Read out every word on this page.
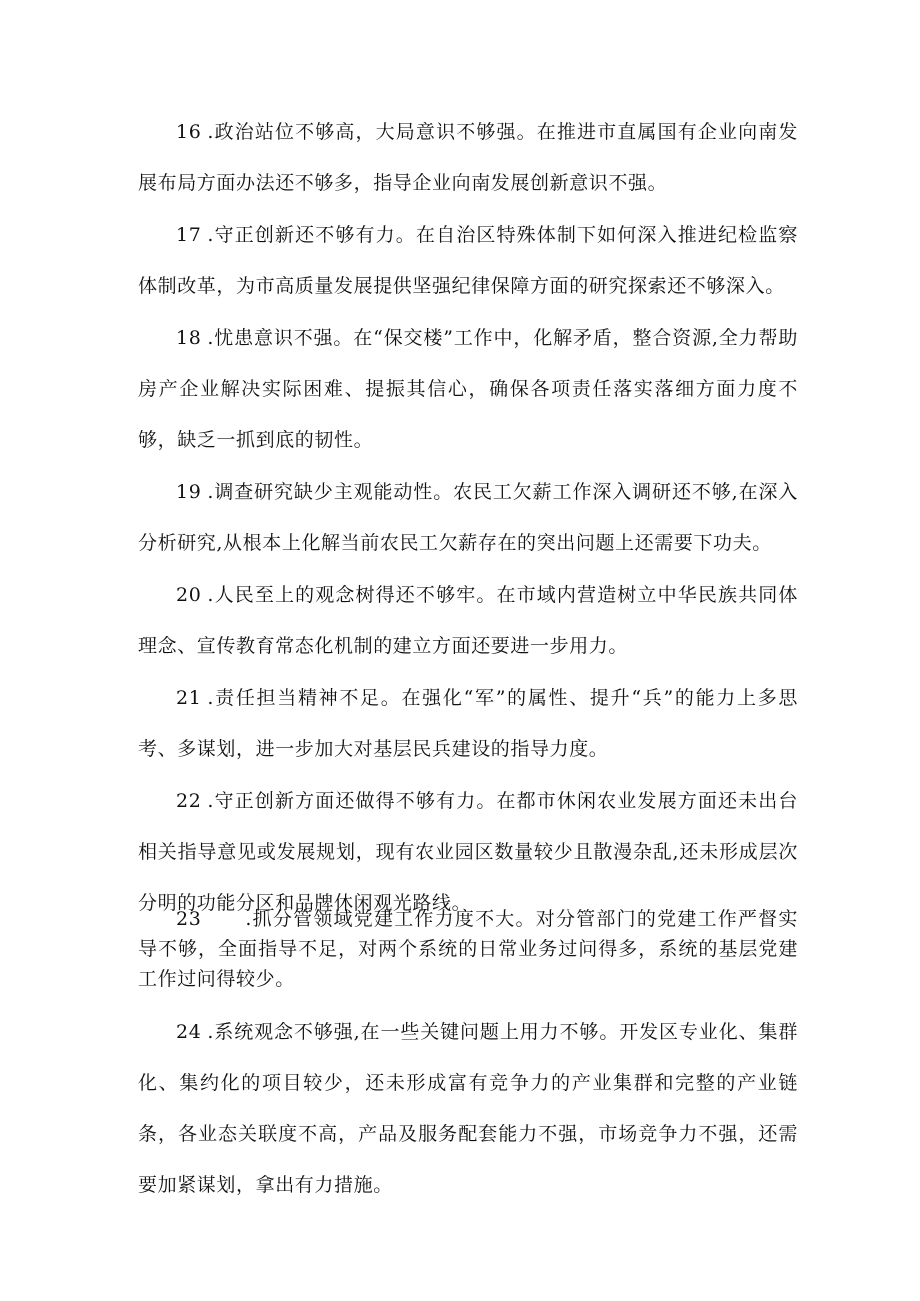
16 .政治站位不够高，大局意识不够强。在推进市直属国有企业向南发展布局方面办法还不够多，指导企业向南发展创新意识不强。

17 .守正创新还不够有力。在自治区特殊体制下如何深入推进纪检监察体制改革，为市高质量发展提供坚强纪律保障方面的研究探索还不够深入。

18 .忧患意识不强。在“保交楼”工作中，化解矛盾，整合资源,全力帮助房产企业解决实际困难、提振其信心，确保各项责任落实落细方面力度不够，缺乏一抓到底的韧性。

19 .调查研究缺少主观能动性。农民工欠薪工作深入调研还不够,在深入分析研究,从根本上化解当前农民工欠薪存在的突出问题上还需要下功夫。

20 .人民至上的观念树得还不够牢。在市域内营造树立中华民族共同体理念、宣传教育常态化机制的建立方面还要进一步用力。

21 .责任担当精神不足。在强化“军”的属性、提升“兵”的能力上多思考、多谋划，进一步加大对基层民兵建设的指导力度。

22 .守正创新方面还做得不够有力。在都市休闲农业发展方面还未出台相关指导意见或发展规划，现有农业园区数量较少且散漫杂乱,还未形成层次分明的功能分区和品牌休闲观光路线。

23 .抓分管领域党建工作力度不大。对分管部门的党建工作严督实导不够，全面指导不足，对两个系统的日常业务过问得多，系统的基层党建工作过问得较少。

24 .系统观念不够强,在一些关键问题上用力不够。开发区专业化、集群化、集约化的项目较少，还未形成富有竞争力的产业集群和完整的产业链条，各业态关联度不高，产品及服务配套能力不强，市场竞争力不强，还需要加紧谋划，拿出有力措施。
